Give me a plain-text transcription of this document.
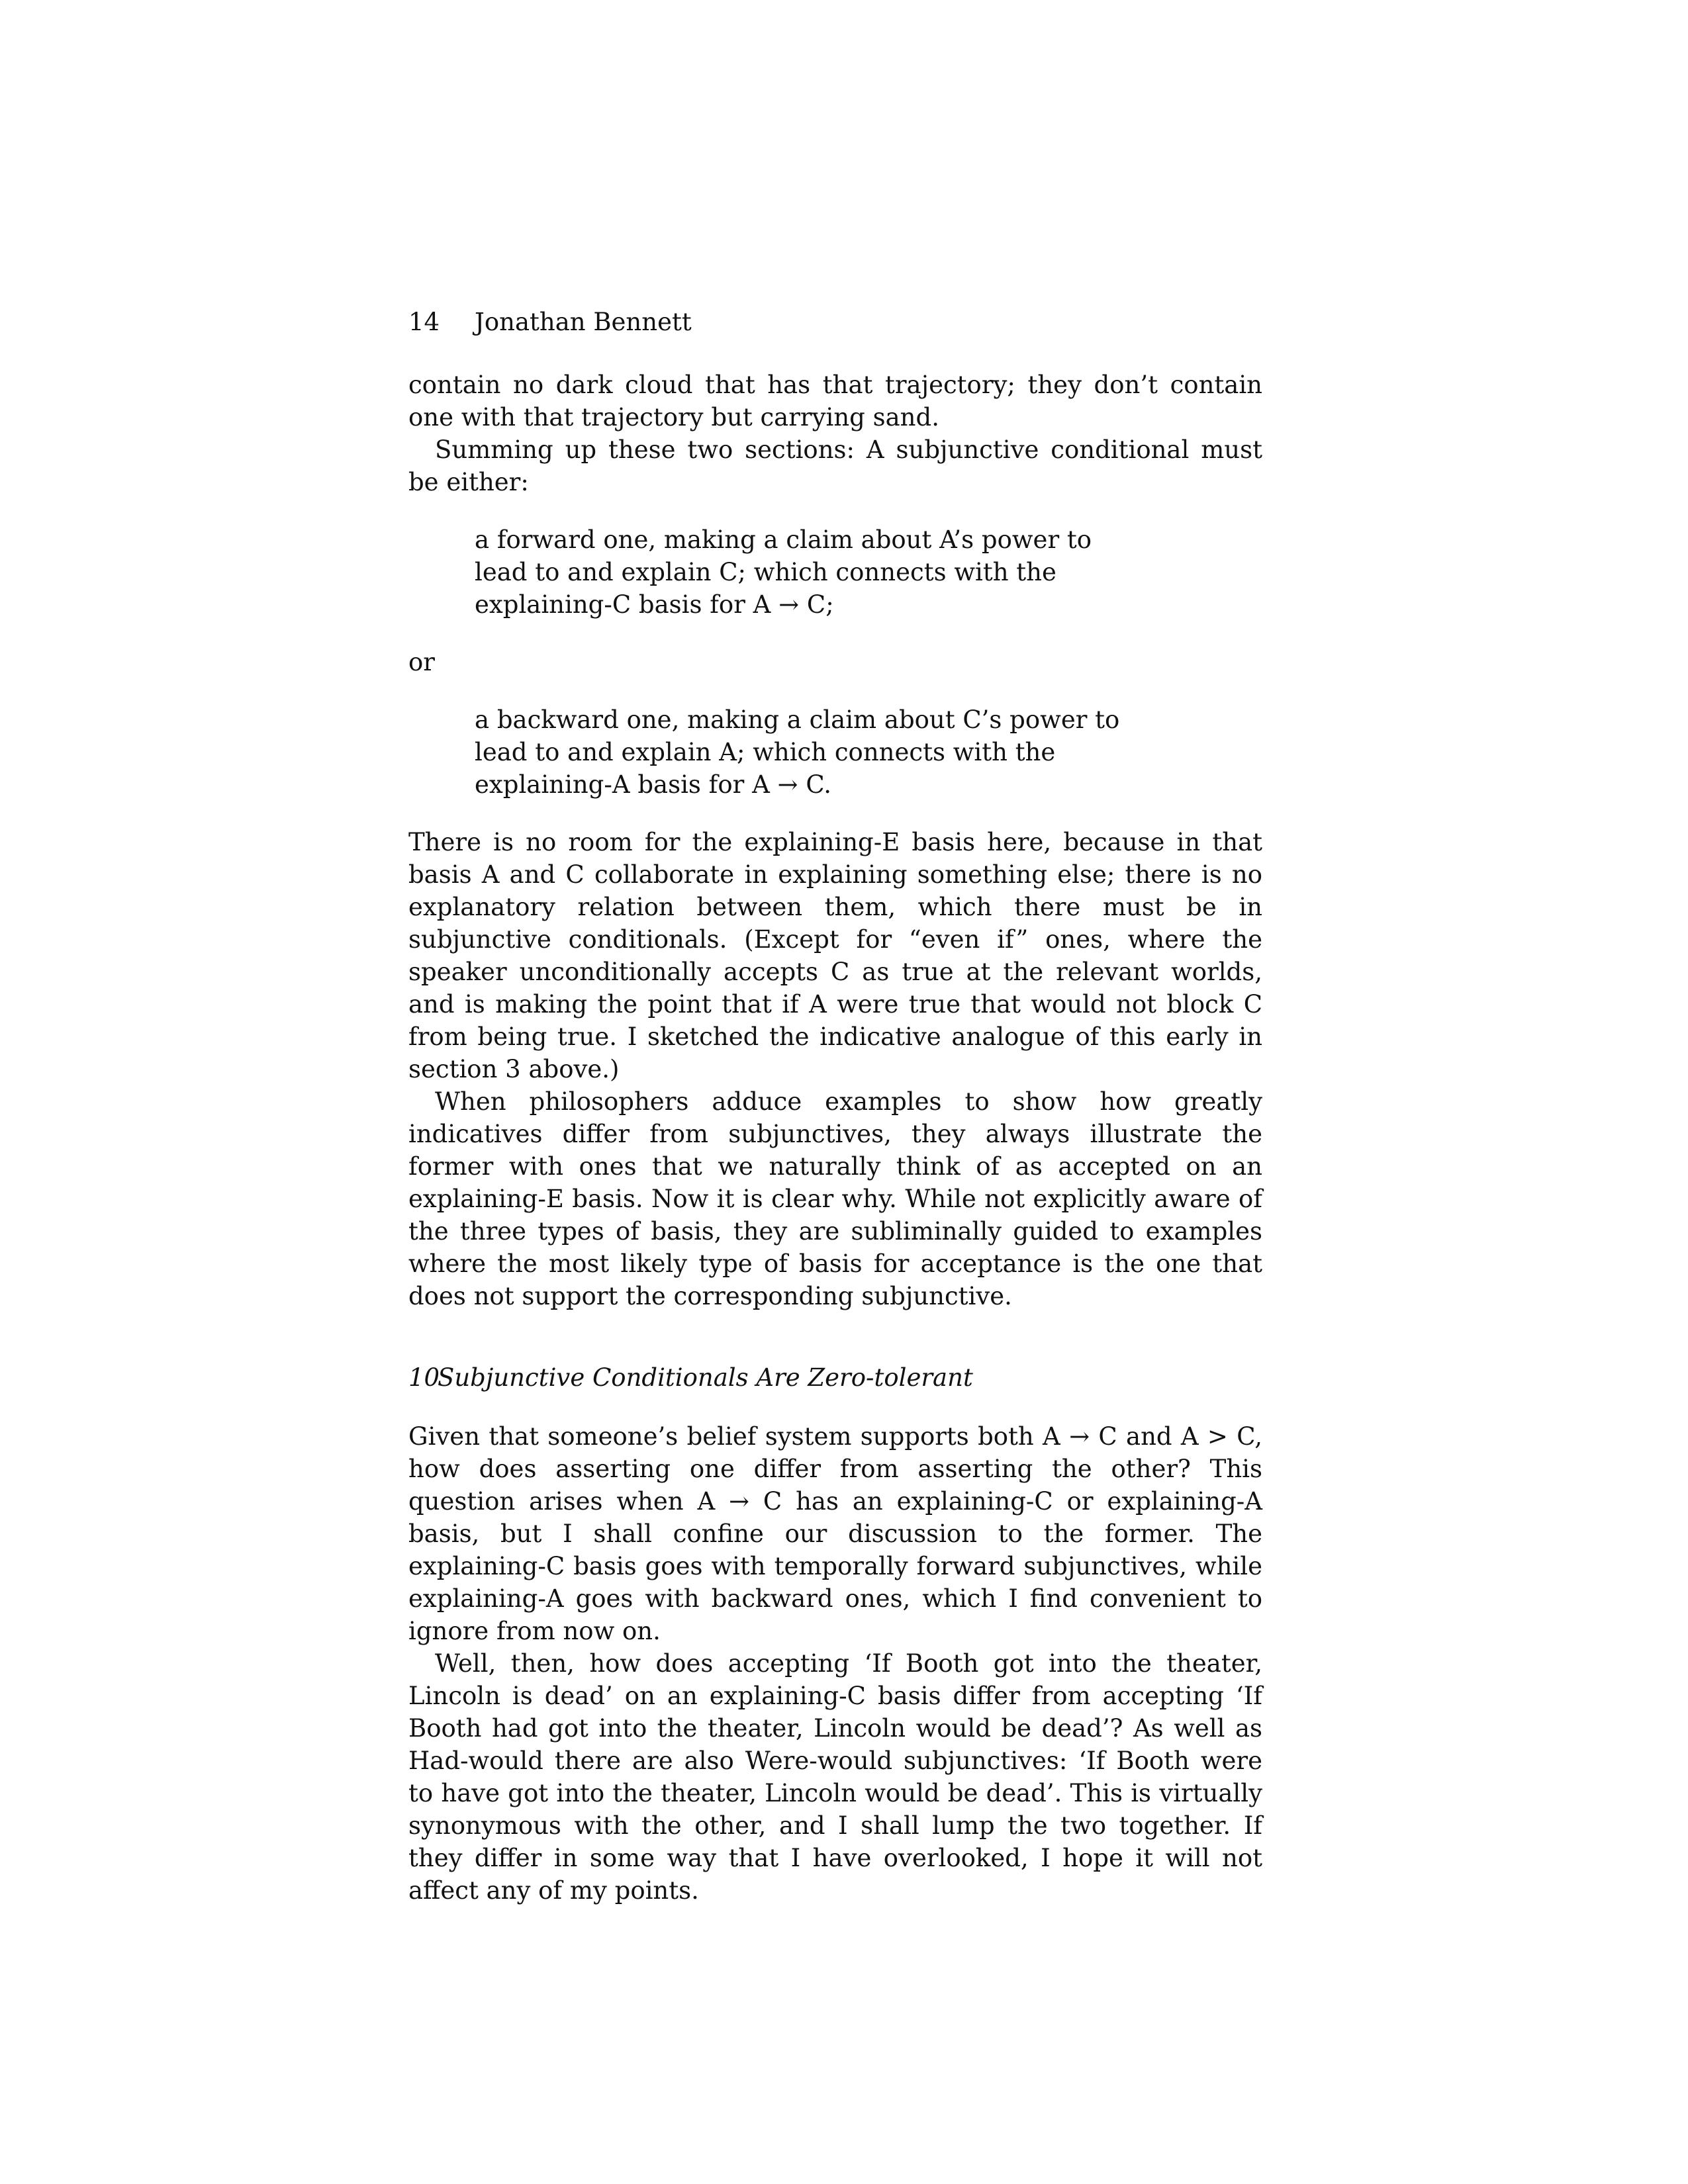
14 Jonathan Bennett

contain no dark cloud that has that trajectory; they don’t contain one with that trajectory but carrying sand.

Summing up these two sections: A subjunctive conditional must be either:

a forward one, making a claim about A’s power to lead to and explain C; which connects with the explaining-C basis for A → C;

or

a backward one, making a claim about C’s power to lead to and explain A; which connects with the explaining-A basis for A → C.

There is no room for the explaining-E basis here, because in that basis A and C collaborate in explaining something else; there is no explanatory relation between them, which there must be in subjunctive conditionals. (Except for “even if” ones, where the speaker unconditionally accepts C as true at the relevant worlds, and is making the point that if A were true that would not block C from being true. I sketched the indicative analogue of this early in section 3 above.)

When philosophers adduce examples to show how greatly indicatives differ from subjunctives, they always illustrate the former with ones that we naturally think of as accepted on an explaining-E basis. Now it is clear why. While not explicitly aware of the three types of basis, they are subliminally guided to examples where the most likely type of basis for acceptance is the one that does not support the corresponding subjunctive.

10Subjunctive Conditionals Are Zero-tolerant

Given that someone’s belief system supports both A → C and A > C, how does asserting one differ from asserting the other? This question arises when A → C has an explaining-C or explaining-A basis, but I shall confine our discussion to the former. The explaining-C basis goes with temporally forward subjunctives, while explaining-A goes with backward ones, which I find convenient to ignore from now on.

Well, then, how does accepting ‘If Booth got into the theater, Lincoln is dead’ on an explaining-C basis differ from accepting ‘If Booth had got into the theater, Lincoln would be dead’? As well as Had-would there are also Were-would subjunctives: ‘If Booth were to have got into the theater, Lincoln would be dead’. This is virtually synonymous with the other, and I shall lump the two together. If they differ in some way that I have overlooked, I hope it will not affect any of my points.
